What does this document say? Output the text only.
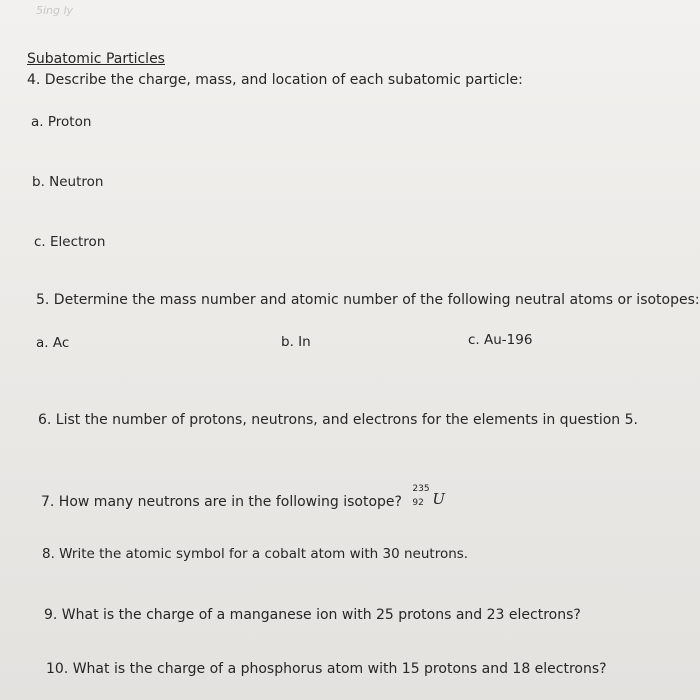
5ing ly
Subatomic Particles
4. Describe the charge, mass, and location of each subatomic particle:
a. Proton
b. Neutron
c. Electron
5. Determine the mass number and atomic number of the following neutral atoms or isotopes:
a. Ac	b. In	c. Au-196
6. List the number of protons, neutrons, and electrons for the elements in question 5.
7. How many neutrons are in the following isotope?
235
92 U
8. Write the atomic symbol for a cobalt atom with 30 neutrons.
9. What is the charge of a manganese ion with 25 protons and 23 electrons?
10. What is the charge of a phosphorus atom with 15 protons and 18 electrons?
